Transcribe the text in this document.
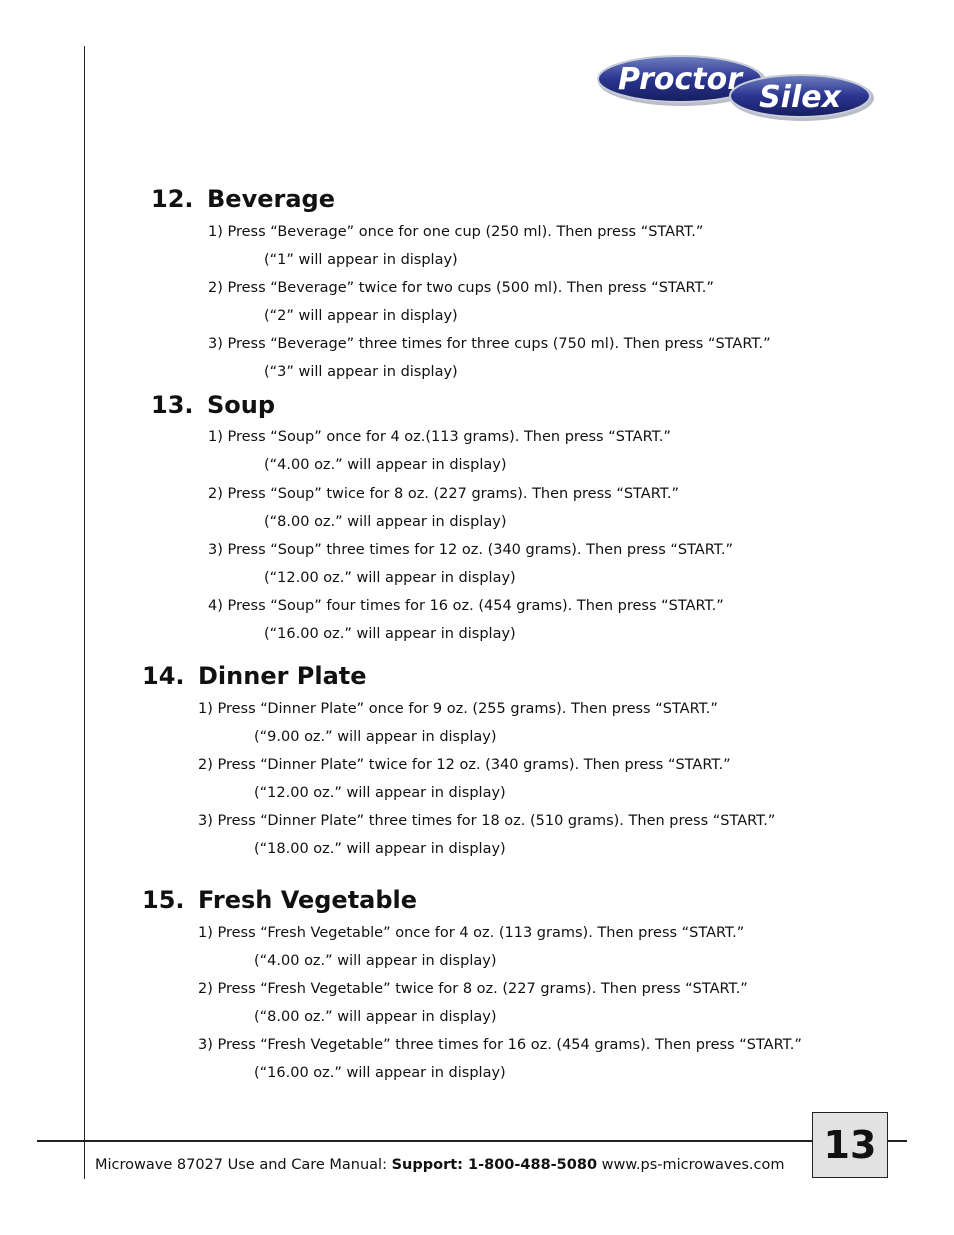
Proctor
Silex
12. Beverage
1) Press “Beverage” once for one cup (250 ml). Then press “START.”
(“1” will appear in display)
2) Press “Beverage” twice for two cups (500 ml). Then press “START.”
(“2” will appear in display)
3) Press “Beverage” three times for three cups (750 ml). Then press “START.”
(“3” will appear in display)
13. Soup
1) Press “Soup” once for 4 oz.(113 grams). Then press “START.”
(“4.00 oz.” will appear in display)
2) Press “Soup” twice for 8 oz. (227 grams). Then press “START.”
(“8.00 oz.” will appear in display)
3) Press “Soup” three times for 12 oz. (340 grams). Then press “START.”
(“12.00 oz.” will appear in display)
4) Press “Soup” four times for 16 oz. (454 grams). Then press “START.”
(“16.00 oz.” will appear in display)
14. Dinner Plate
1) Press “Dinner Plate” once for 9 oz. (255 grams). Then press “START.”
(“9.00 oz.” will appear in display)
2) Press “Dinner Plate” twice for 12 oz. (340 grams). Then press “START.”
(“12.00 oz.” will appear in display)
3) Press “Dinner Plate” three times for 18 oz. (510 grams). Then press “START.”
(“18.00 oz.” will appear in display)
15. Fresh Vegetable
1) Press “Fresh Vegetable” once for 4 oz. (113 grams). Then press “START.”
(“4.00 oz.” will appear in display)
2) Press “Fresh Vegetable” twice for 8 oz. (227 grams). Then press “START.”
(“8.00 oz.” will appear in display)
3) Press “Fresh Vegetable” three times for 16 oz. (454 grams). Then press “START.”
(“16.00 oz.” will appear in display)
Microwave 87027 Use and Care Manual: Support: 1-800-488-5080 www.ps-microwaves.com	13
